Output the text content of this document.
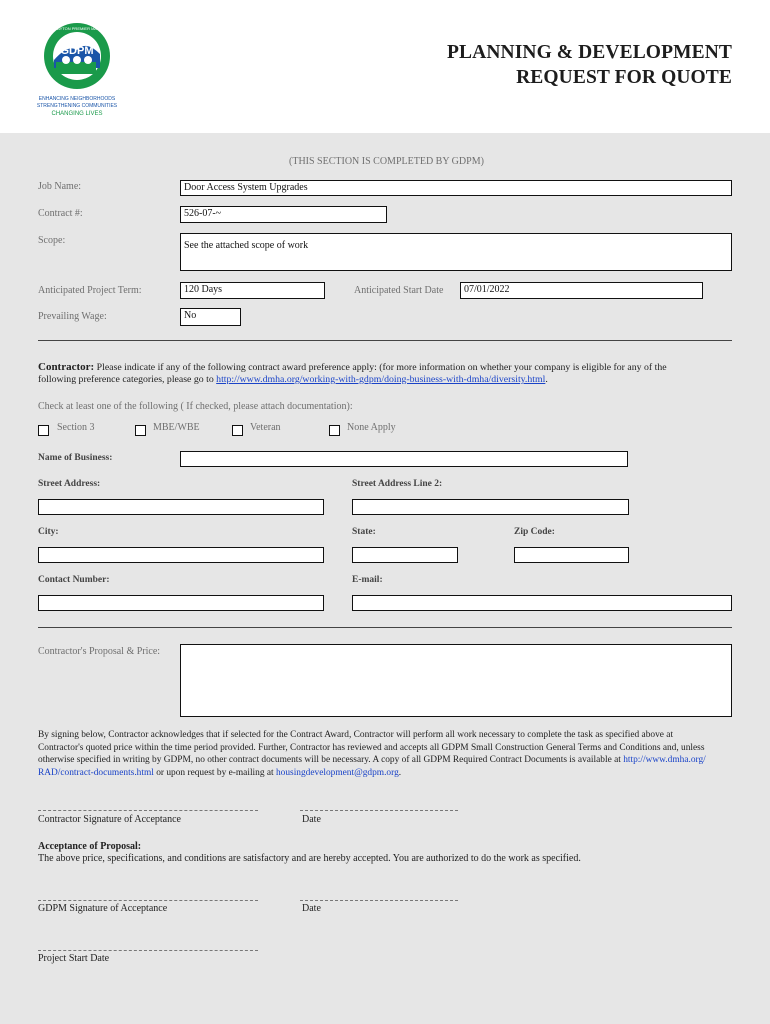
GDPM
GREATER DAYTON PREMIER MANAGEMENT
ENHANCING NEIGHBORHOODS
STRENGTHENING COMMUNITIES
CHANGING LIVES
PLANNING & DEVELOPMENT
REQUEST FOR QUOTE
(THIS SECTION IS COMPLETED BY GDPM)
Job Name:	Door Access System Upgrades
Contract #:	526-07-~
Scope:	See the attached scope of work
Anticipated Project Term:	120 Days	Anticipated Start Date	07/01/2022
Prevailing Wage:	No
Contractor: Please indicate if any of the following contract award preference apply: (for more information on whether your company is eligible for any of the
following preference categories, please go to http://www.dmha.org/working-with-gdpm/doing-business-with-dmha/diversity.html.
Check at least one of the following ( If checked, please attach documentation):
Section 3	MBE/WBE	Veteran	None Apply
Name of Business:
Street Address:	Street Address Line 2:
City:	State:	Zip Code:
Contact Number:	E-mail:
Contractor's Proposal & Price:
By signing below, Contractor acknowledges that if selected for the Contract Award, Contractor will perform all work necessary to complete the task as specified above at
Contractor's quoted price within the time period provided. Further, Contractor has reviewed and accepts all GDPM Small Construction General Terms and Conditions and, unless
otherwise specified in writing by GDPM, no other contract documents will be necessary. A copy of all GDPM Required Contract Documents is available at http://www.dmha.org/
RAD/contract-documents.html or upon request by e-mailing at housingdevelopment@gdpm.org.
Contractor Signature of Acceptance	Date
Acceptance of Proposal:
The above price, specifications, and conditions are satisfactory and are hereby accepted. You are authorized to do the work as specified.
GDPM Signature of Acceptance	Date
Project Start Date
